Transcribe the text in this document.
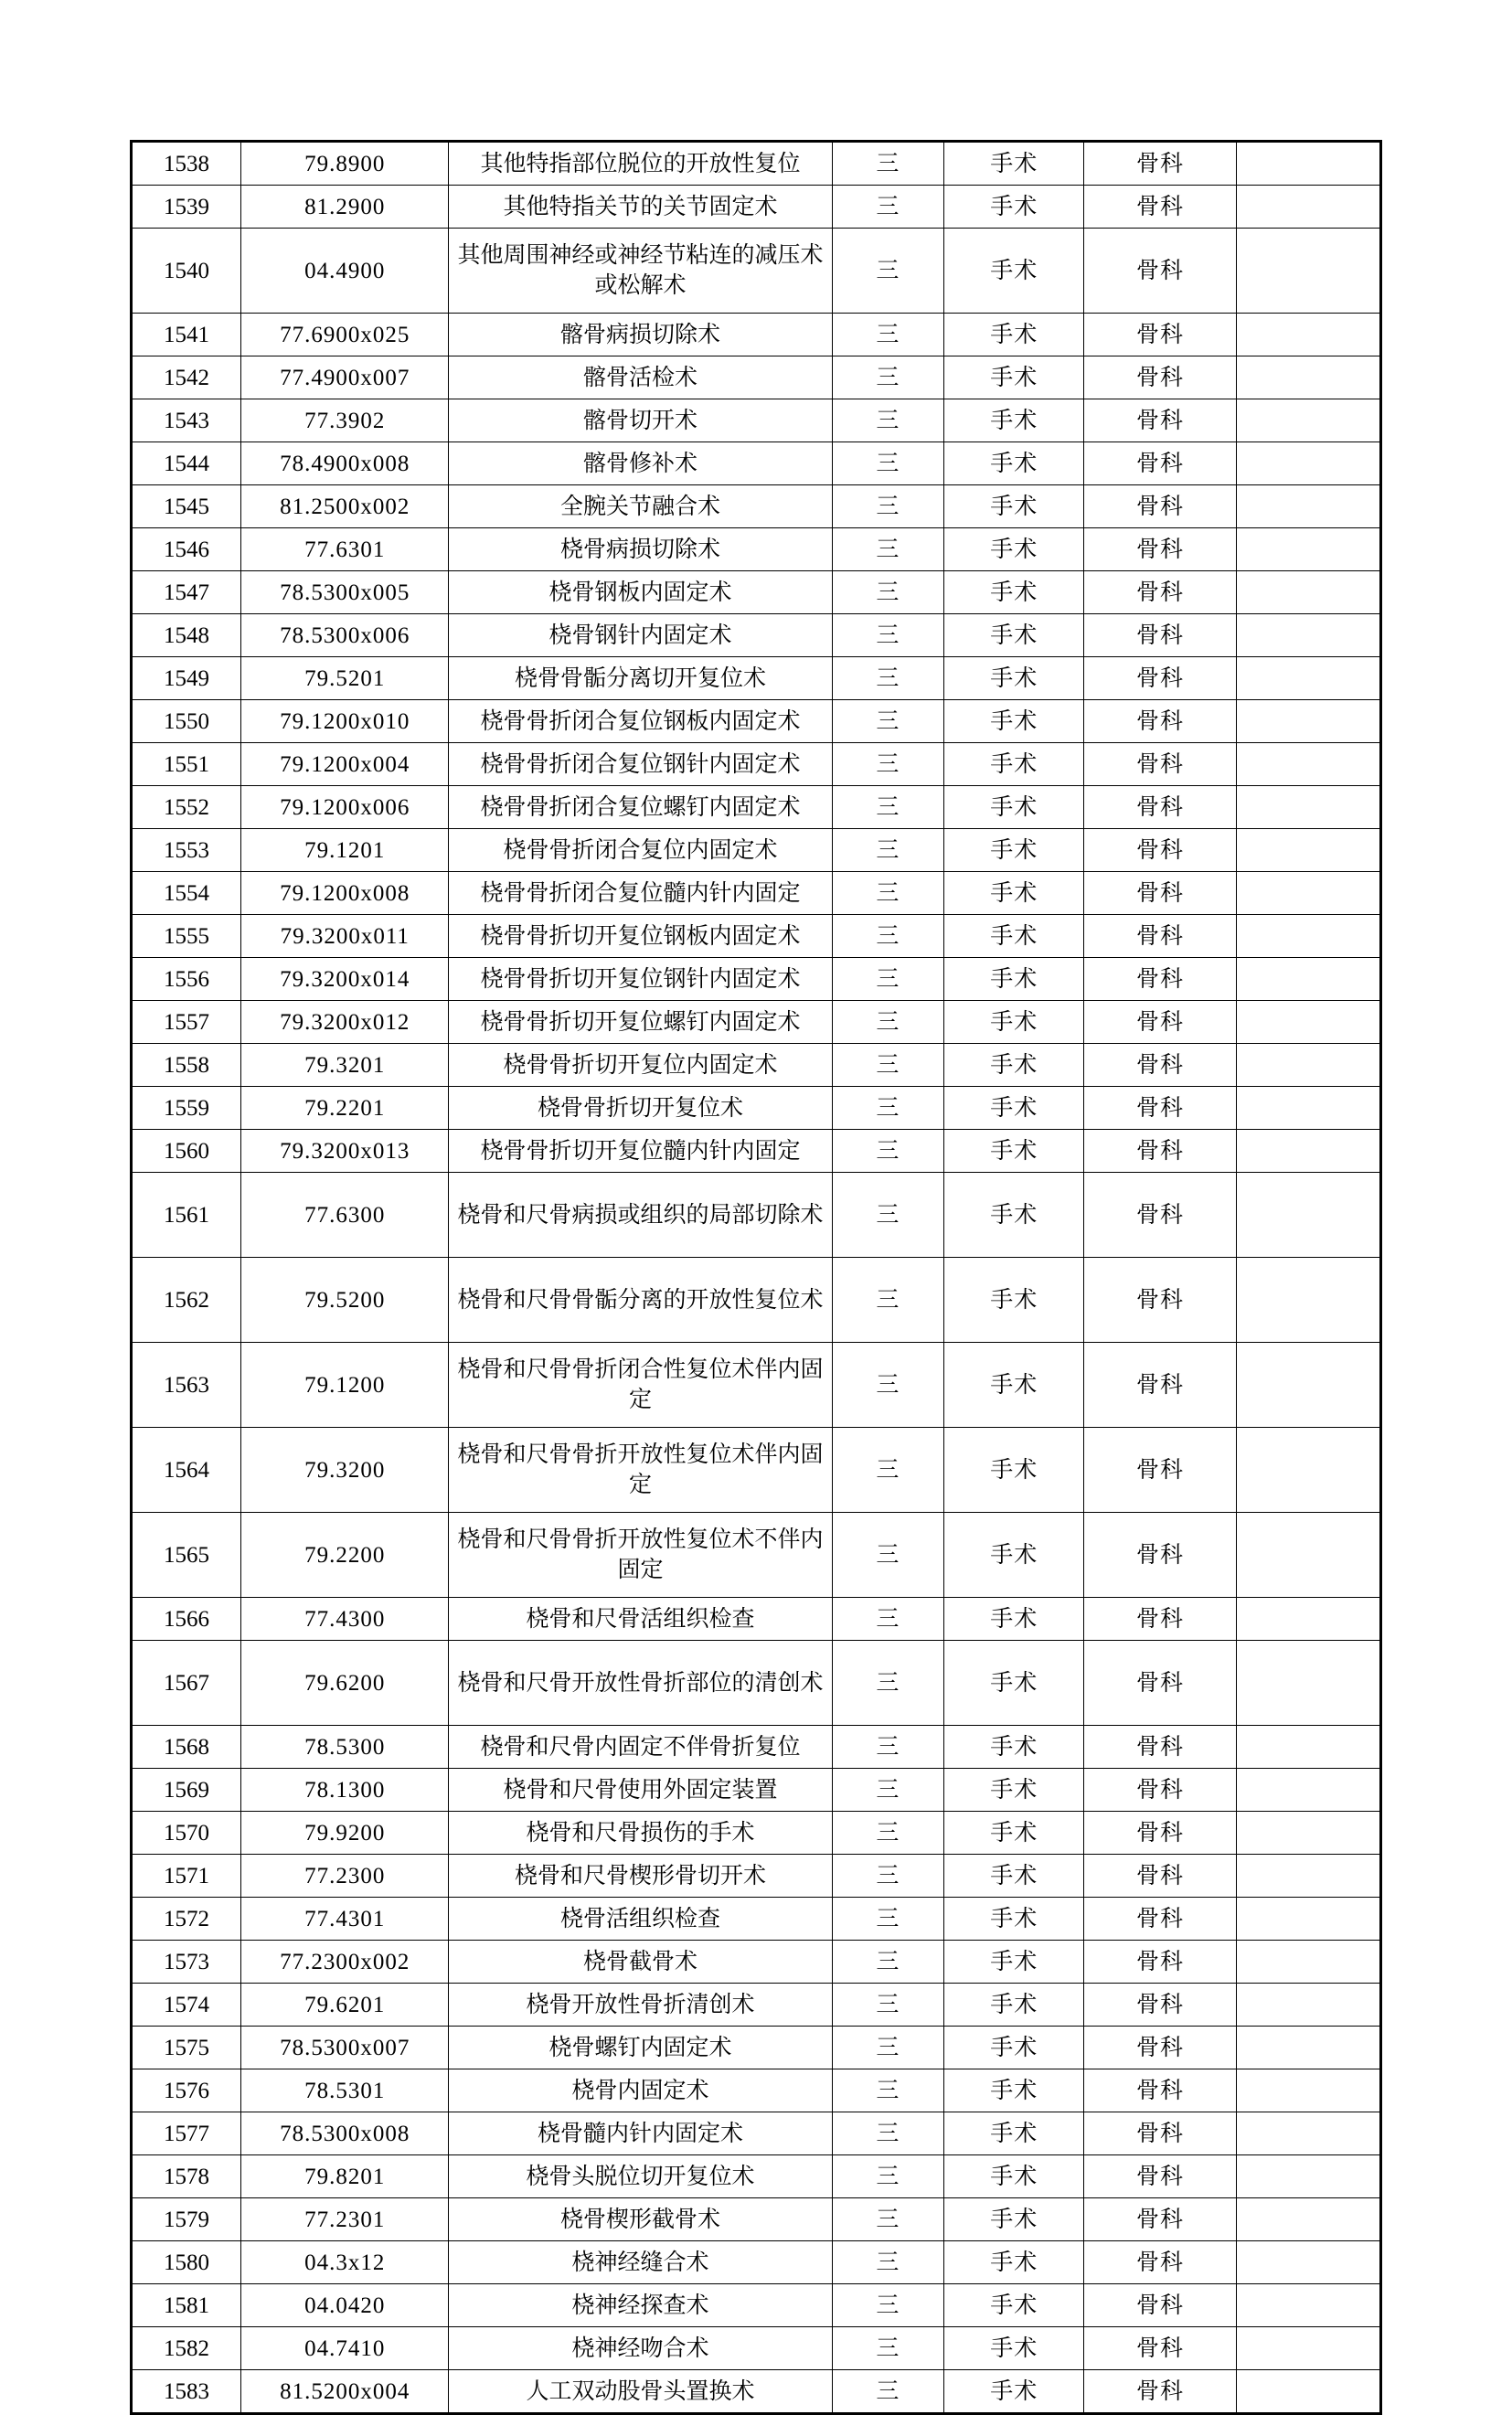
1538	79.8900	其他特指部位脱位的开放性复位	三	手术	骨科	
1539	81.2900	其他特指关节的关节固定术	三	手术	骨科	
1540	04.4900	其他周围神经或神经节粘连的减压术或松解术	三	手术	骨科	
1541	77.6900x025	髂骨病损切除术	三	手术	骨科	
1542	77.4900x007	髂骨活检术	三	手术	骨科	
1543	77.3902	髂骨切开术	三	手术	骨科	
1544	78.4900x008	髂骨修补术	三	手术	骨科	
1545	81.2500x002	全腕关节融合术	三	手术	骨科	
1546	77.6301	桡骨病损切除术	三	手术	骨科	
1547	78.5300x005	桡骨钢板内固定术	三	手术	骨科	
1548	78.5300x006	桡骨钢针内固定术	三	手术	骨科	
1549	79.5201	桡骨骨骺分离切开复位术	三	手术	骨科	
1550	79.1200x010	桡骨骨折闭合复位钢板内固定术	三	手术	骨科	
1551	79.1200x004	桡骨骨折闭合复位钢针内固定术	三	手术	骨科	
1552	79.1200x006	桡骨骨折闭合复位螺钉内固定术	三	手术	骨科	
1553	79.1201	桡骨骨折闭合复位内固定术	三	手术	骨科	
1554	79.1200x008	桡骨骨折闭合复位髓内针内固定	三	手术	骨科	
1555	79.3200x011	桡骨骨折切开复位钢板内固定术	三	手术	骨科	
1556	79.3200x014	桡骨骨折切开复位钢针内固定术	三	手术	骨科	
1557	79.3200x012	桡骨骨折切开复位螺钉内固定术	三	手术	骨科	
1558	79.3201	桡骨骨折切开复位内固定术	三	手术	骨科	
1559	79.2201	桡骨骨折切开复位术	三	手术	骨科	
1560	79.3200x013	桡骨骨折切开复位髓内针内固定	三	手术	骨科	
1561	77.6300	桡骨和尺骨病损或组织的局部切除术	三	手术	骨科	
1562	79.5200	桡骨和尺骨骨骺分离的开放性复位术	三	手术	骨科	
1563	79.1200	桡骨和尺骨骨折闭合性复位术伴内固定	三	手术	骨科	
1564	79.3200	桡骨和尺骨骨折开放性复位术伴内固定	三	手术	骨科	
1565	79.2200	桡骨和尺骨骨折开放性复位术不伴内固定	三	手术	骨科	
1566	77.4300	桡骨和尺骨活组织检查	三	手术	骨科	
1567	79.6200	桡骨和尺骨开放性骨折部位的清创术	三	手术	骨科	
1568	78.5300	桡骨和尺骨内固定不伴骨折复位	三	手术	骨科	
1569	78.1300	桡骨和尺骨使用外固定装置	三	手术	骨科	
1570	79.9200	桡骨和尺骨损伤的手术	三	手术	骨科	
1571	77.2300	桡骨和尺骨楔形骨切开术	三	手术	骨科	
1572	77.4301	桡骨活组织检查	三	手术	骨科	
1573	77.2300x002	桡骨截骨术	三	手术	骨科	
1574	79.6201	桡骨开放性骨折清创术	三	手术	骨科	
1575	78.5300x007	桡骨螺钉内固定术	三	手术	骨科	
1576	78.5301	桡骨内固定术	三	手术	骨科	
1577	78.5300x008	桡骨髓内针内固定术	三	手术	骨科	
1578	79.8201	桡骨头脱位切开复位术	三	手术	骨科	
1579	77.2301	桡骨楔形截骨术	三	手术	骨科	
1580	04.3x12	桡神经缝合术	三	手术	骨科	
1581	04.0420	桡神经探查术	三	手术	骨科	
1582	04.7410	桡神经吻合术	三	手术	骨科	
1583	81.5200x004	人工双动股骨头置换术	三	手术	骨科	
